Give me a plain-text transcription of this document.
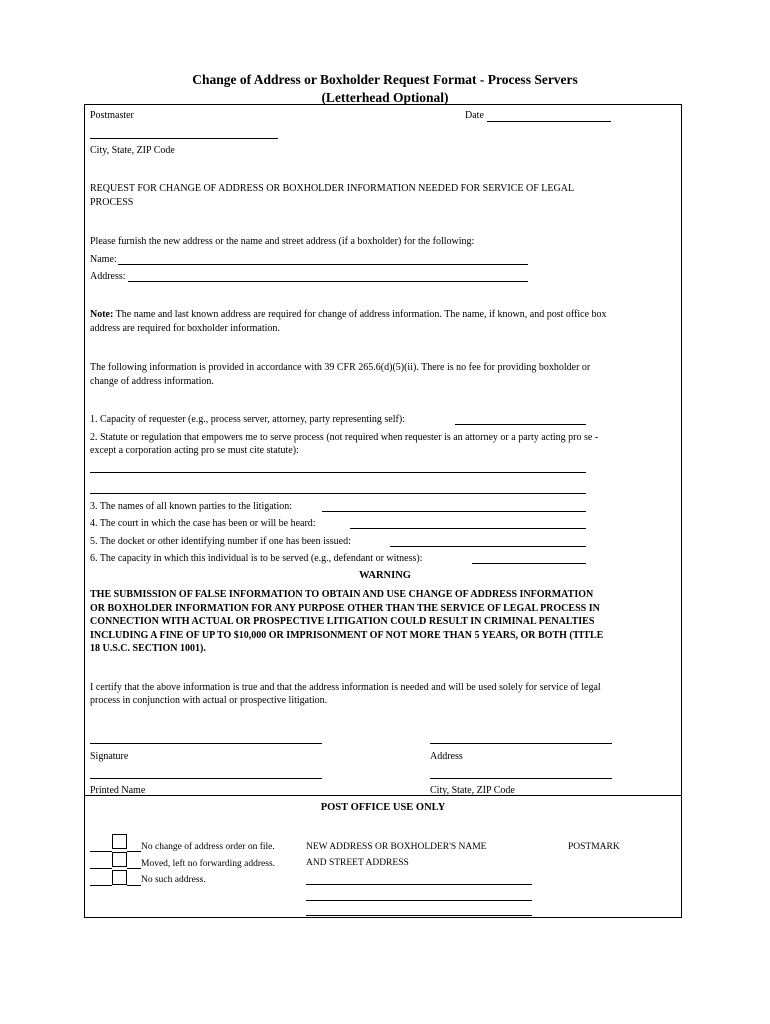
Change of Address or Boxholder Request Format - Process Servers
(Letterhead Optional)
Postmaster	Date
City, State, ZIP Code
REQUEST FOR CHANGE OF ADDRESS OR BOXHOLDER INFORMATION NEEDED FOR SERVICE OF LEGAL
PROCESS
Please furnish the new address or the name and street address (if a boxholder) for the following:
Name:
Address:
Note: The name and last known address are required for change of address information. The name, if known, and post office box
address are required for boxholder information.
The following information is provided in accordance with 39 CFR 265.6(d)(5)(ii). There is no fee for providing boxholder or
change of address information.
1. Capacity of requester (e.g., process server, attorney, party representing self):
2. Statute or regulation that empowers me to serve process (not required when requester is an attorney or a party acting pro se -
except a corporation acting pro se must cite statute):
3. The names of all known parties to the litigation:
4. The court in which the case has been or will be heard:
5. The docket or other identifying number if one has been issued:
6. The capacity in which this individual is to be served (e.g., defendant or witness):
WARNING
THE SUBMISSION OF FALSE INFORMATION TO OBTAIN AND USE CHANGE OF ADDRESS INFORMATION
OR BOXHOLDER INFORMATION FOR ANY PURPOSE OTHER THAN THE SERVICE OF LEGAL PROCESS IN
CONNECTION WITH ACTUAL OR PROSPECTIVE LITIGATION COULD RESULT IN CRIMINAL PENALTIES
INCLUDING A FINE OF UP TO $10,000 OR IMPRISONMENT OF NOT MORE THAN 5 YEARS, OR BOTH (TITLE
18 U.S.C. SECTION 1001).
I certify that the above information is true and that the address information is needed and will be used solely for service of legal
process in conjunction with actual or prospective litigation.
Signature
Printed Name
Address
City, State, ZIP Code
POST OFFICE USE ONLY
No change of address order on file.
Moved, left no forwarding address.
No such address.
NEW ADDRESS OR BOXHOLDER'S NAME
AND STREET ADDRESS
POSTMARK
